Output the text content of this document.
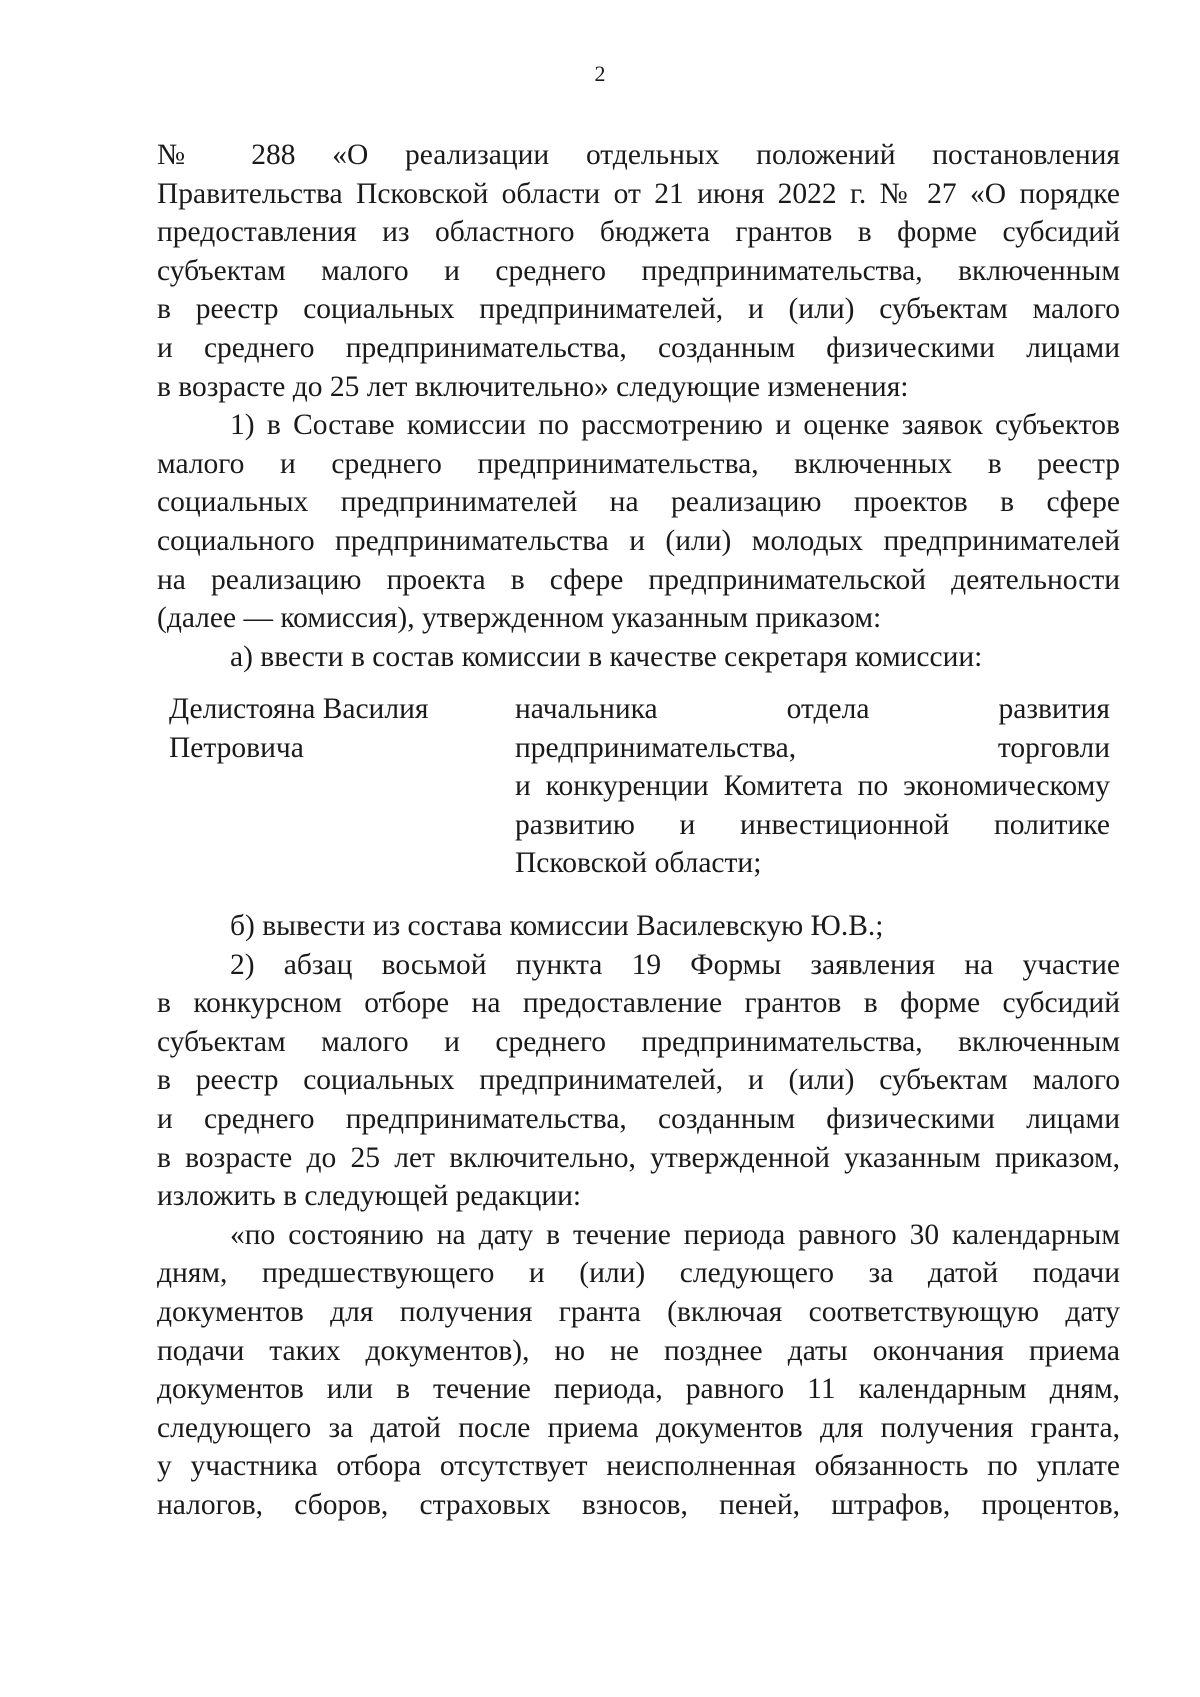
2
№ 288 «О реализации отдельных положений постановления
Правительства Псковской области от 21 июня 2022 г. № 27 «О порядке
предоставления из областного бюджета грантов в форме субсидий
субъектам малого и среднего предпринимательства, включенным
в реестр социальных предпринимателей, и (или) субъектам малого
и среднего предпринимательства, созданным физическими лицами
в возрасте до 25 лет включительно» следующие изменения:
1) в Составе комиссии по рассмотрению и оценке заявок субъектов
малого и среднего предпринимательства, включенных в реестр
социальных предпринимателей на реализацию проектов в сфере
социального предпринимательства и (или) молодых предпринимателей
на реализацию проекта в сфере предпринимательской деятельности
(далее — комиссия), утвержденном указанным приказом:
а) ввести в состав комиссии в качестве секретаря комиссии:
Делистояна Василия
Петровича
начальника отдела развития
предпринимательства, торговли
и конкуренции Комитета по экономическому
развитию и инвестиционной политике
Псковской области;
б) вывести из состава комиссии Василевскую Ю.В.;
2) абзац восьмой пункта 19 Формы заявления на участие
в конкурсном отборе на предоставление грантов в форме субсидий
субъектам малого и среднего предпринимательства, включенным
в реестр социальных предпринимателей, и (или) субъектам малого
и среднего предпринимательства, созданным физическими лицами
в возрасте до 25 лет включительно, утвержденной указанным приказом,
изложить в следующей редакции:
«по состоянию на дату в течение периода равного 30 календарным
дням, предшествующего и (или) следующего за датой подачи
документов для получения гранта (включая соответствующую дату
подачи таких документов), но не позднее даты окончания приема
документов или в течение периода, равного 11 календарным дням,
следующего за датой после приема документов для получения гранта,
у участника отбора отсутствует неисполненная обязанность по уплате
налогов, сборов, страховых взносов, пеней, штрафов, процентов,
